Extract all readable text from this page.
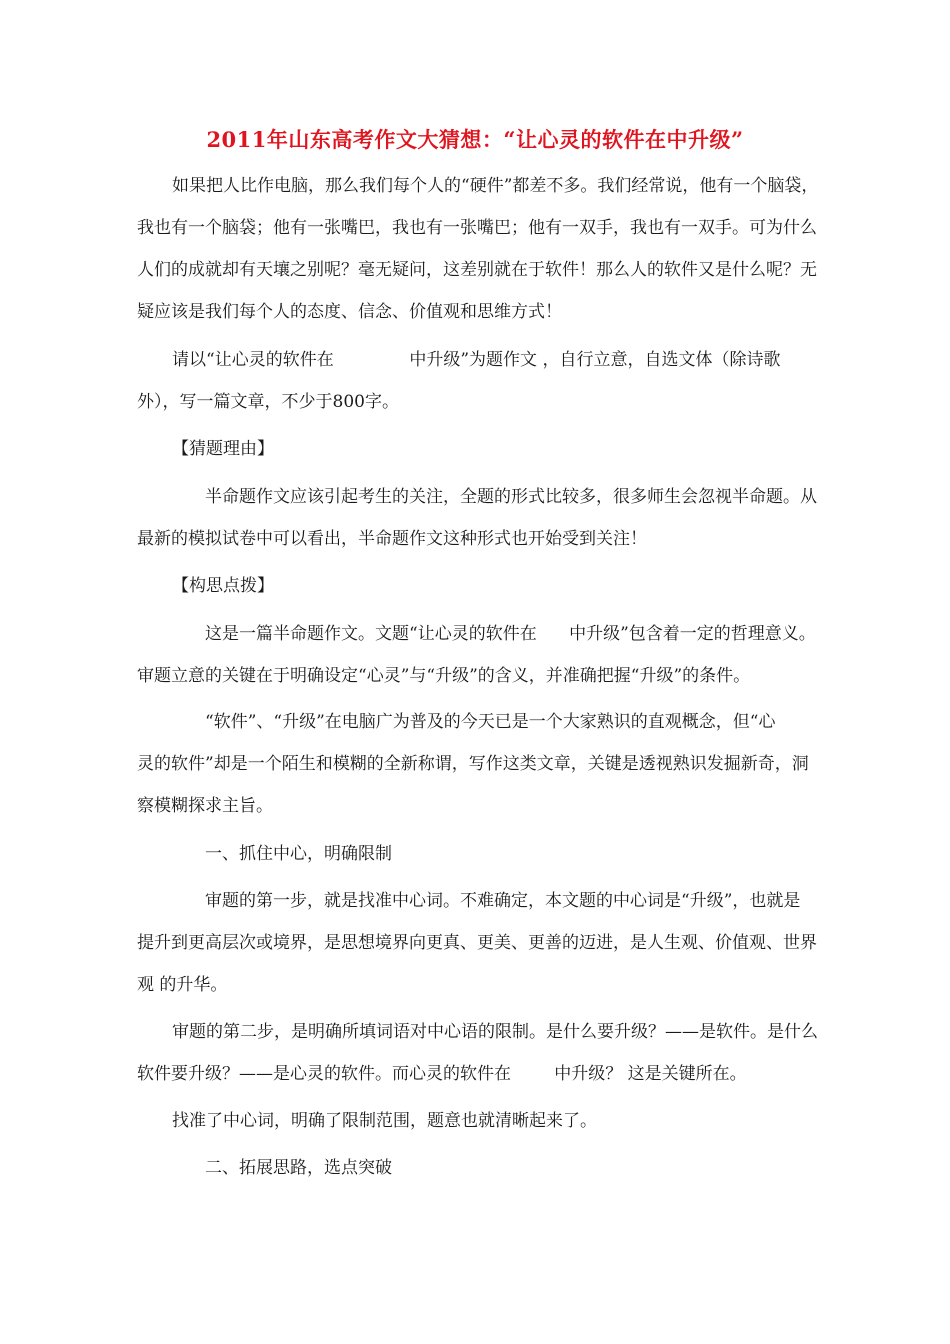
2011年山东高考作文大猜想：“让心灵的软件在中升级”
如果把人比作电脑，那么我们每个人的“硬件”都差不多。我们经常说，他有一个脑袋，
我也有一个脑袋；他有一张嘴巴，我也有一张嘴巴；他有一双手，我也有一双手。可为什么
人们的成就却有天壤之别呢？毫无疑问，这差别就在于软件！那么人的软件又是什么呢？无
疑应该是我们每个人的态度、信念、价值观和思维方式！
请以“让心灵的软件在              中升级”为题作文 ，自行立意，自选文体（除诗歌
外），写一篇文章，不少于800字。
【猜题理由】
半命题作文应该引起考生的关注，全题的形式比较多，很多师生会忽视半命题。从
最新的模拟试卷中可以看出，半命题作文这种形式也开始受到关注！
【构思点拨】
这是一篇半命题作文。文题“让心灵的软件在      中升级”包含着一定的哲理意义。
审题立意的关键在于明确设定“心灵”与“升级”的含义，并准确把握“升级”的条件。
“软件”、“升级”在电脑广为普及的今天已是一个大家熟识的直观概念，但“心
灵的软件”却是一个陌生和模糊的全新称谓，写作这类文章，关键是透视熟识发掘新奇，洞
察模糊探求主旨。
一、抓住中心，明确限制
审题的第一步，就是找准中心词。不难确定，本文题的中心词是“升级”，也就是
提升到更高层次或境界，是思想境界向更真、更美、更善的迈进，是人生观、价值观、世界
观 的升华。
审题的第二步，是明确所填词语对中心语的限制。是什么要升级？——是软件。是什么
软件要升级？——是心灵的软件。而心灵的软件在        中升级？ 这是关键所在。
找准了中心词，明确了限制范围，题意也就清晰起来了。
二、拓展思路，选点突破
